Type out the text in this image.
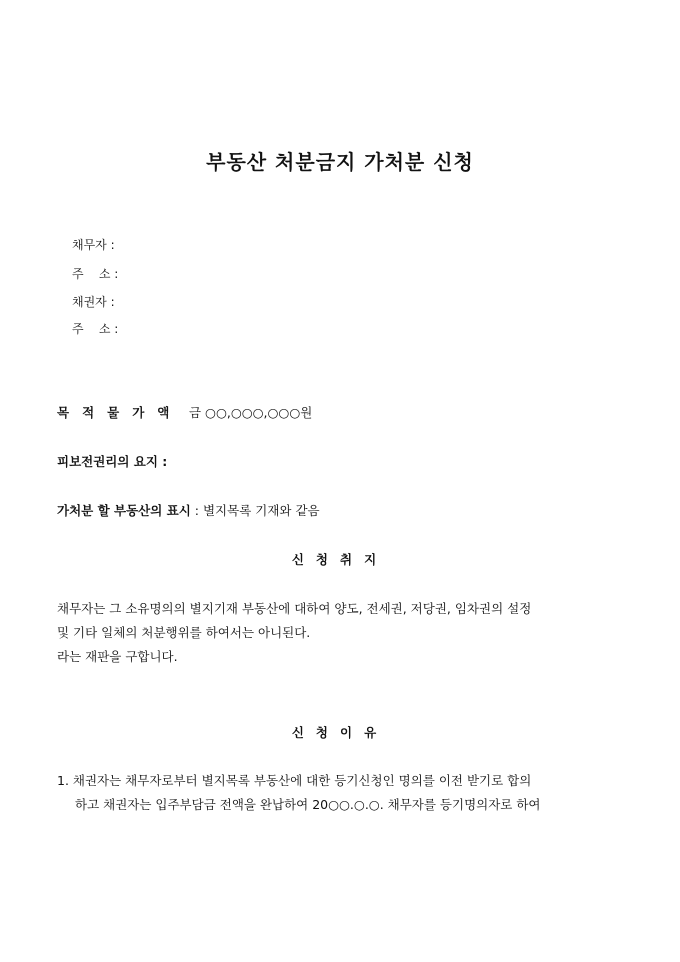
부동산 처분금지 가처분 신청
채무자 :
주    소 :
채권자 :
주    소 :
목적물가액 금 ○○,○○○,○○○원
피보전권리의 요지 :
가처분 할 부동산의 표시 : 별지목록 기재와 같음
신청취지
채무자는 그 소유명의의 별지기재 부동산에 대하여 양도, 전세권, 저당권, 임차권의 설정
및 기타 일체의 처분행위를 하여서는 아니된다.
라는 재판을 구합니다.
신청이유
1. 채권자는 채무자로부터 별지목록 부동산에 대한 등기신청인 명의를 이전 받기로 합의
하고 채권자는 입주부담금 전액을 완납하여 20○○.○.○. 채무자를 등기명의자로 하여
